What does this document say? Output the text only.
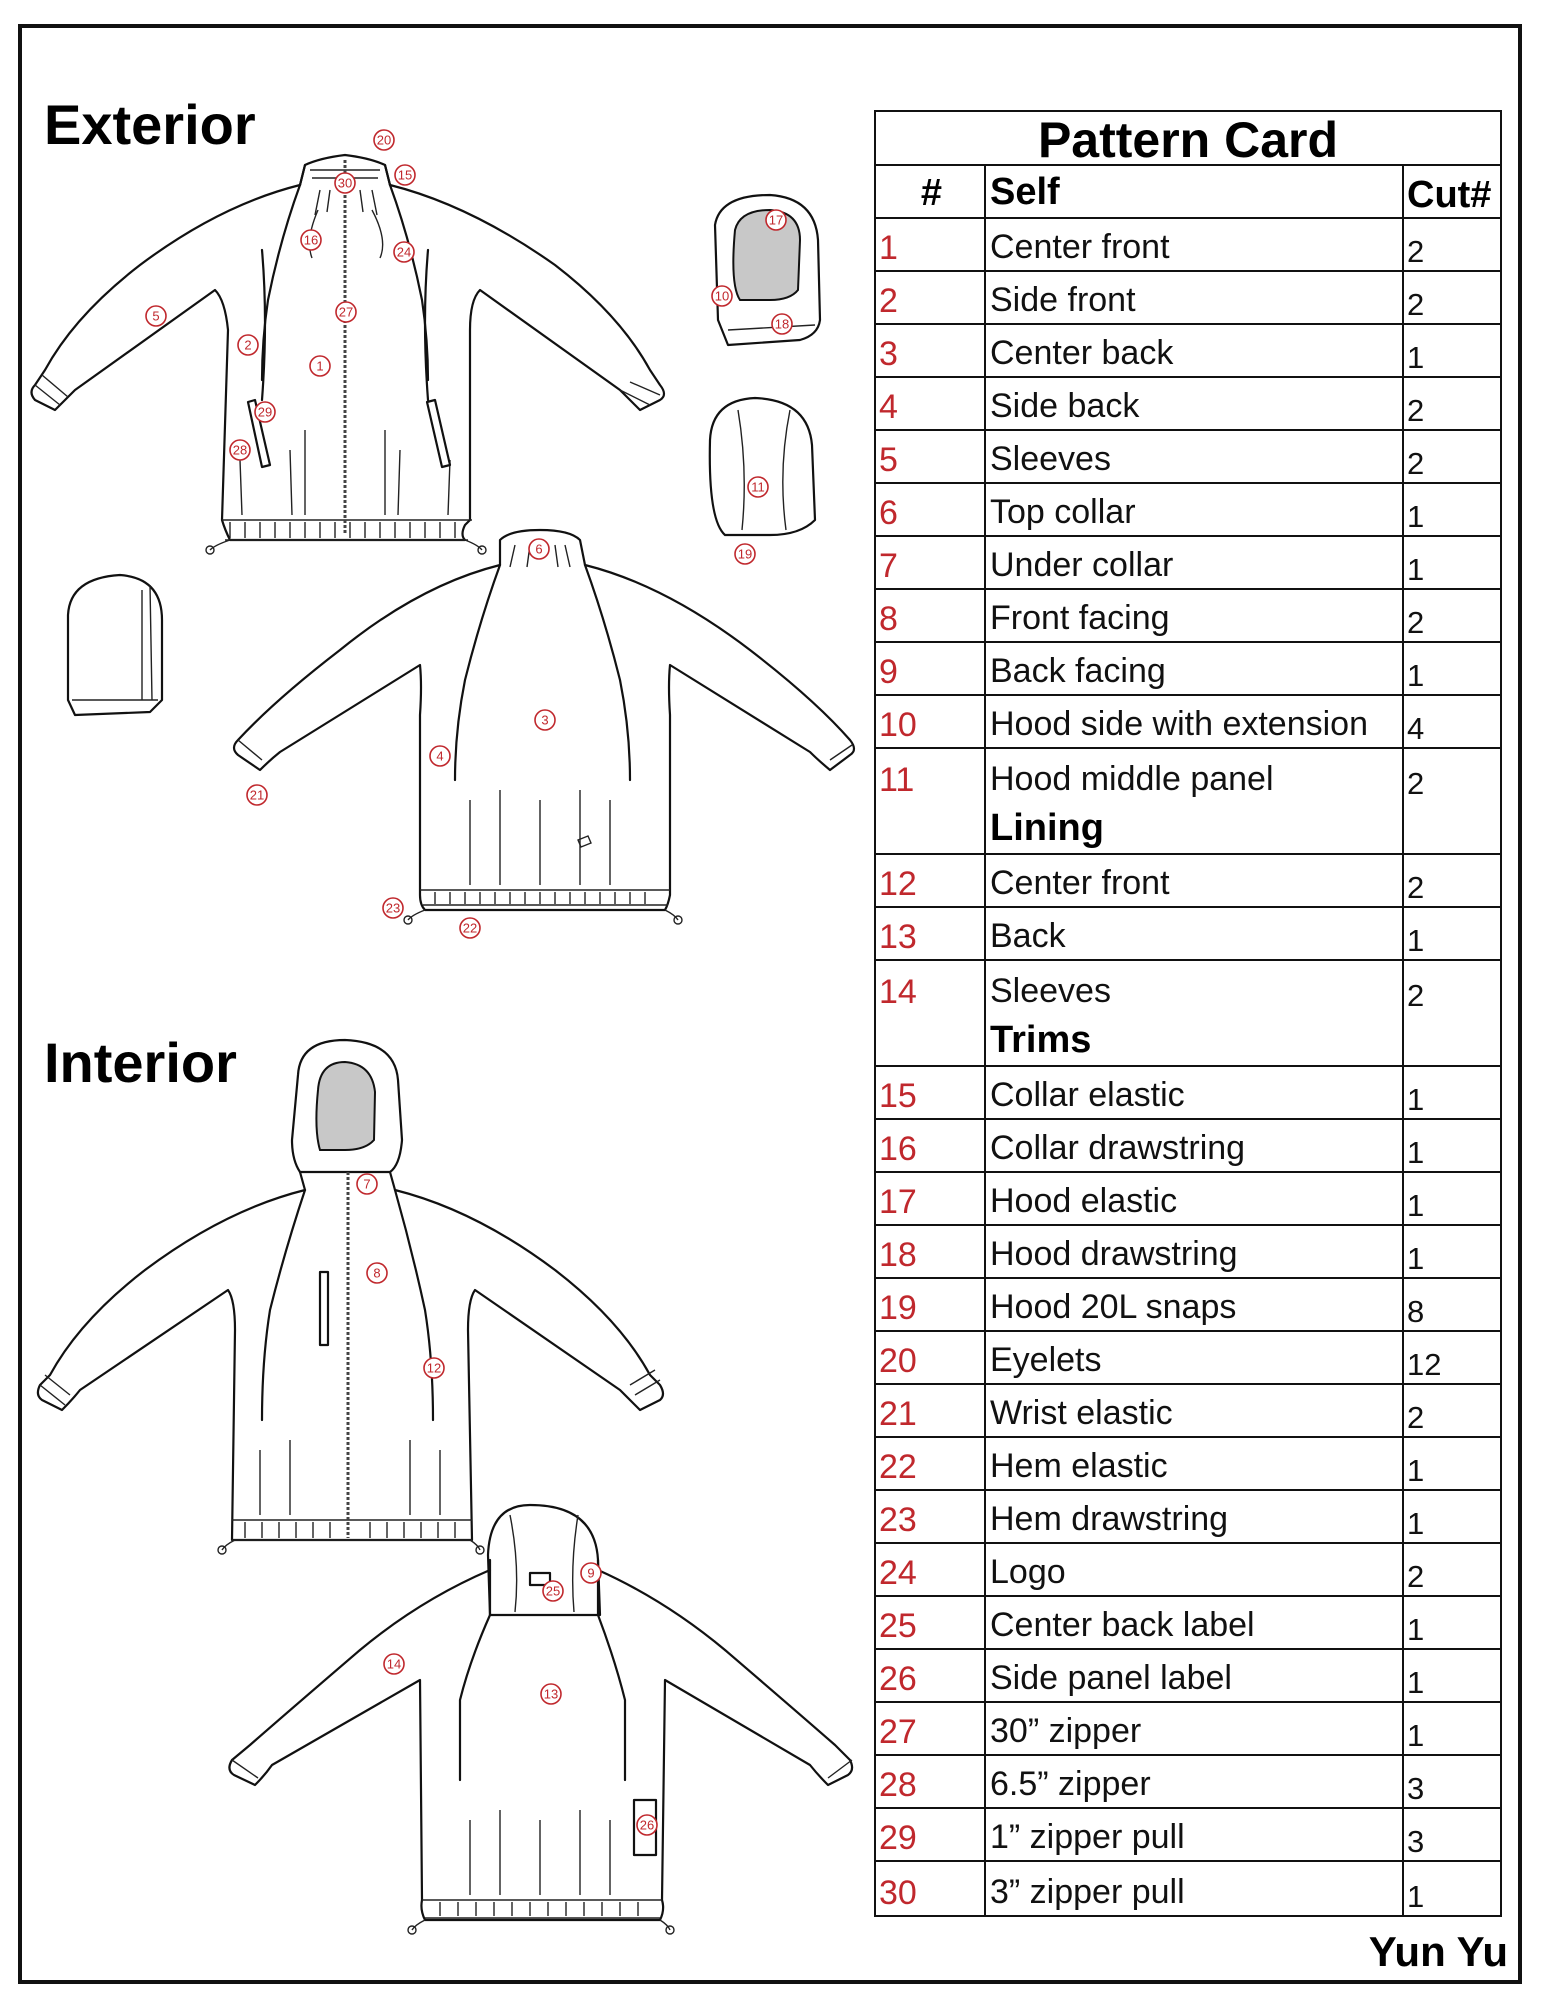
Exterior
Interior
20
15
30
16
24
27
5
2
1
29
28
17
10
18
11
19
6
3
4
21
23
22
7
8
12
9
25
14
13
26
Pattern Card
#	Self	Cut#
1	Center front	2
2	Side front	2
3	Center back	1
4	Side back	2
5	Sleeves	2
6	Top collar	1
7	Under collar	1
8	Front facing	2
9	Back facing	1
10	Hood side with extension	4
11	Hood middle panel	2
Lining
12	Center front	2
13	Back	1
14	Sleeves	2
Trims
15	Collar elastic	1
16	Collar drawstring	1
17	Hood elastic	1
18	Hood drawstring	1
19	Hood 20L snaps	8
20	Eyelets	12
21	Wrist elastic	2
22	Hem elastic	1
23	Hem drawstring	1
24	Logo	2
25	Center back label	1
26	Side panel label	1
27	30” zipper	1
28	6.5” zipper	3
29	1” zipper pull	3
30	3” zipper pull	1
Yun Yu
